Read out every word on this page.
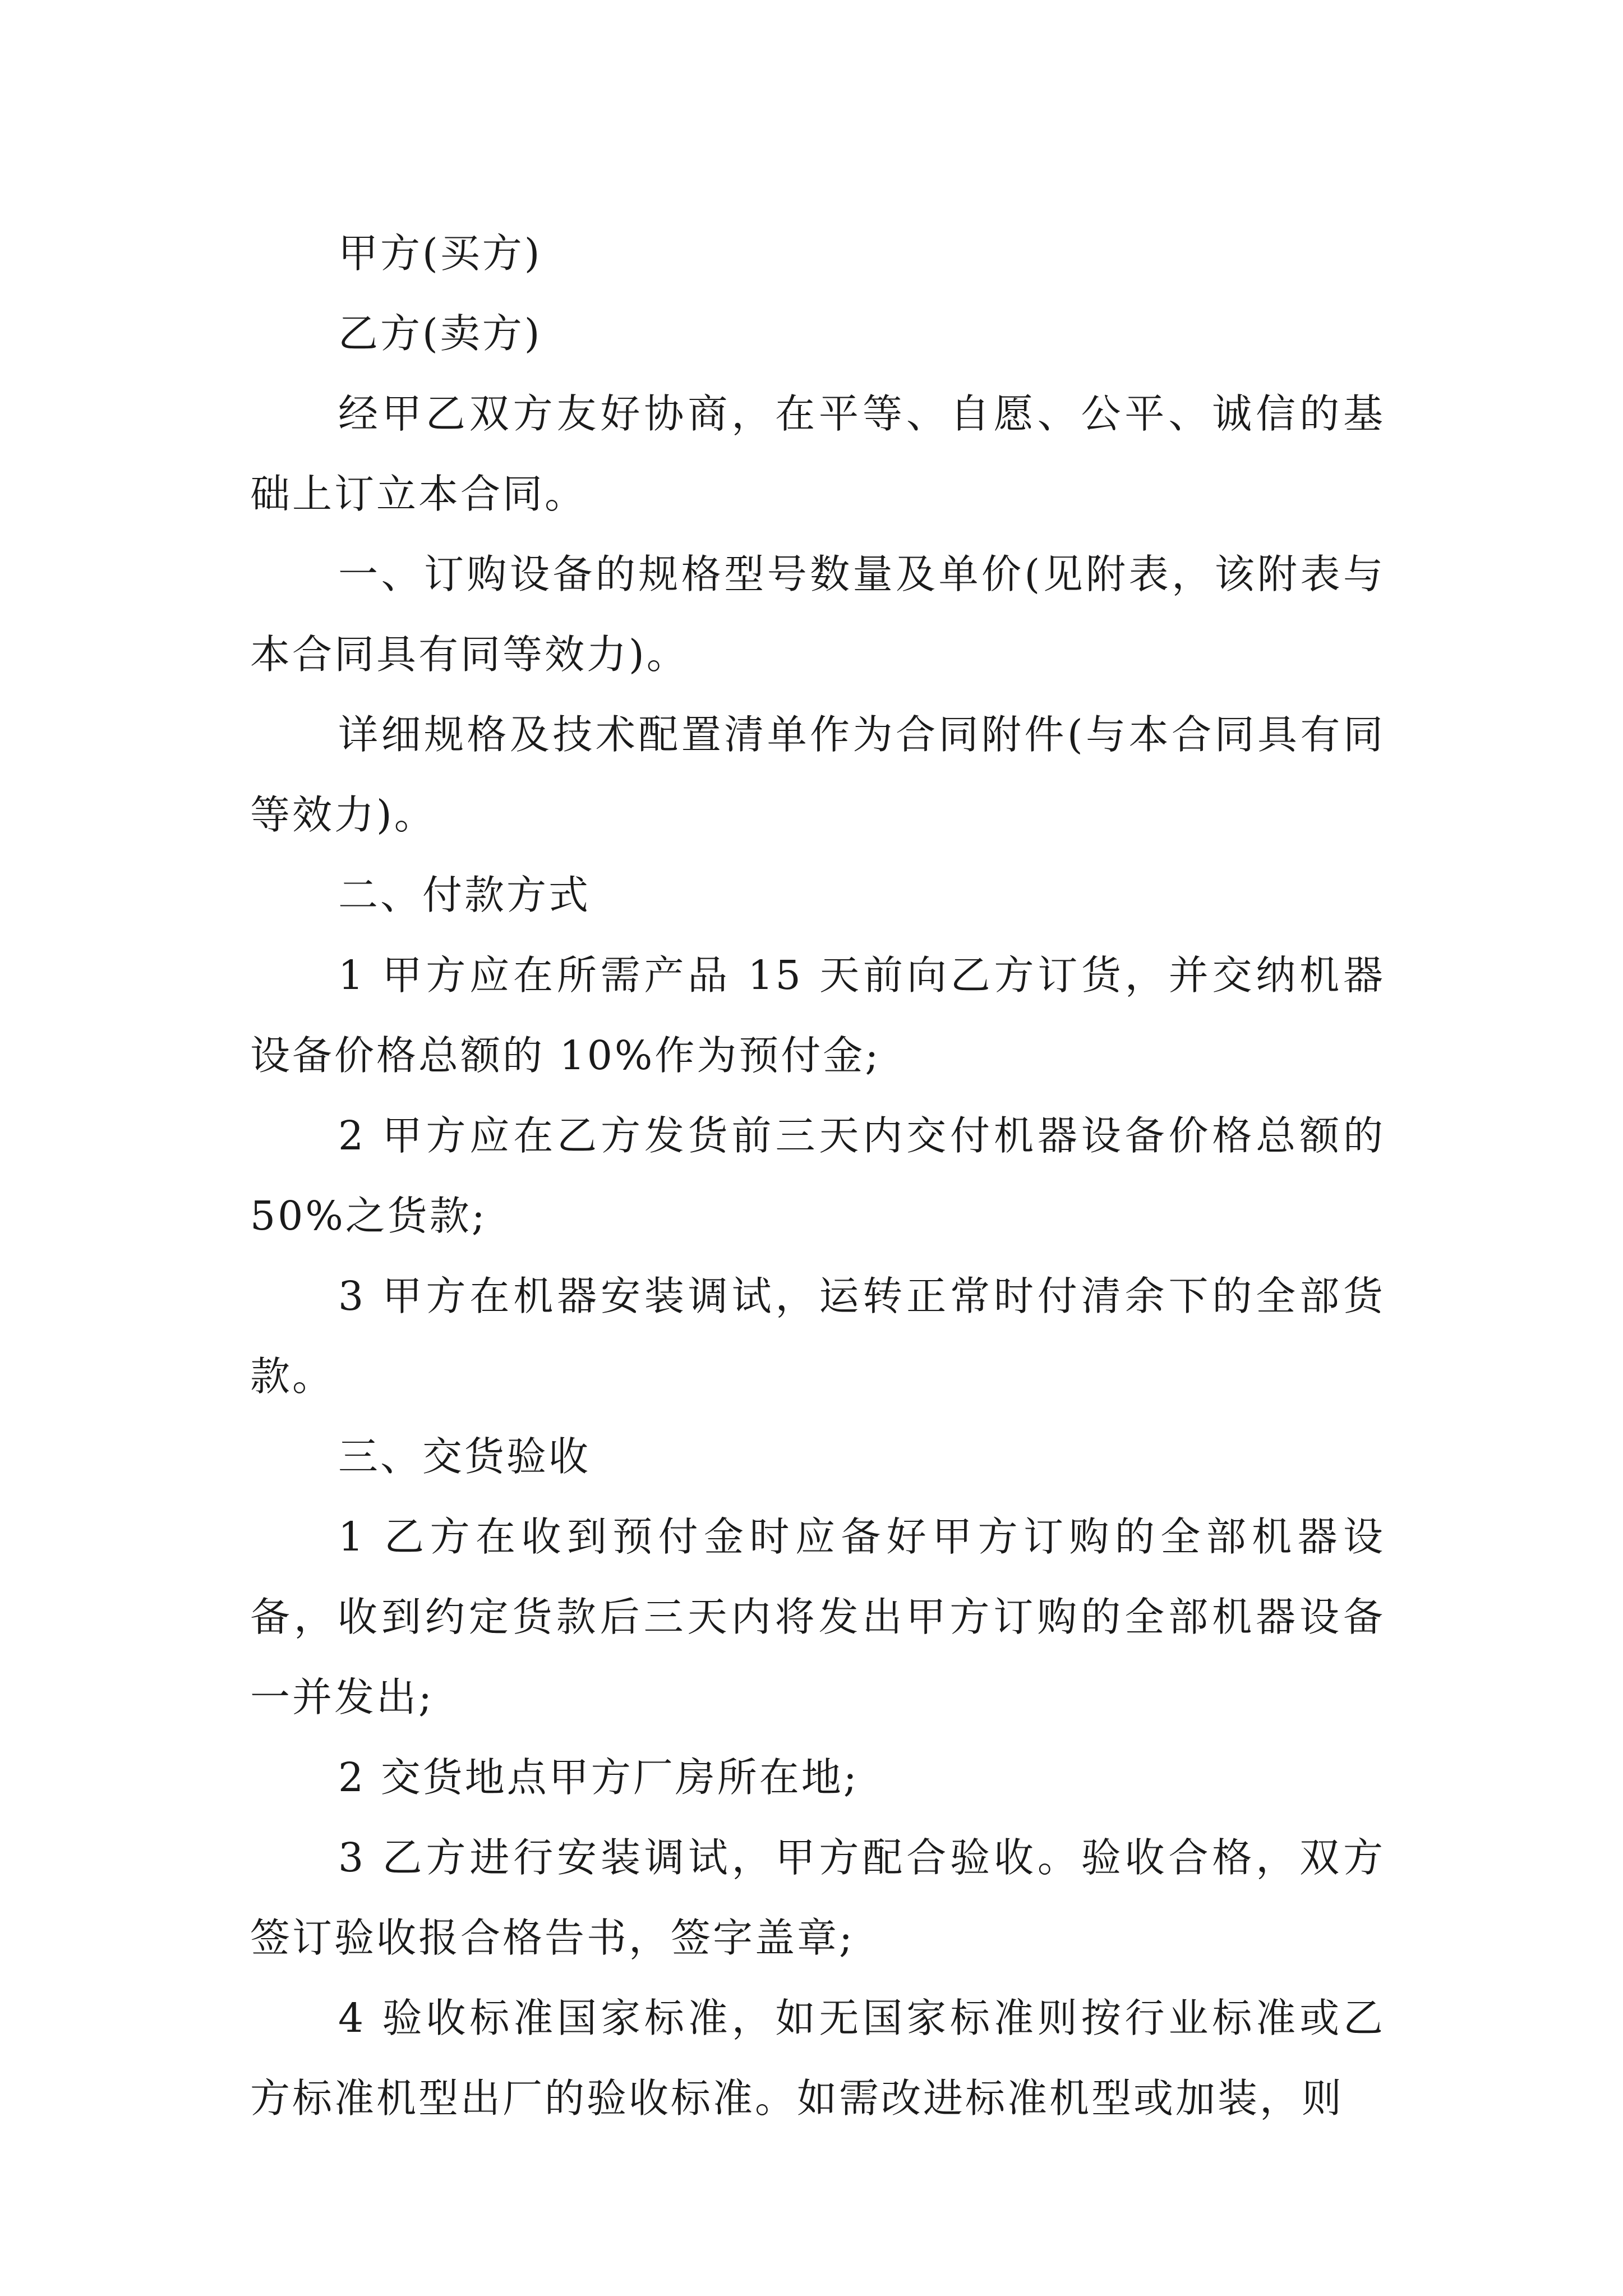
甲方(买方)

乙方(卖方)

经甲乙双方友好协商，在平等、自愿、公平、诚信的基础上订立本合同。

一、订购设备的规格型号数量及单价(见附表，该附表与本合同具有同等效力)。

详细规格及技术配置清单作为合同附件(与本合同具有同等效力)。

二、付款方式

1 甲方应在所需产品 15 天前向乙方订货，并交纳机器设备价格总额的 10%作为预付金;

2 甲方应在乙方发货前三天内交付机器设备价格总额的 50%之货款;

3 甲方在机器安装调试，运转正常时付清余下的全部货款。

三、交货验收

1 乙方在收到预付金时应备好甲方订购的全部机器设备，收到约定货款后三天内将发出甲方订购的全部机器设备一并发出;

2 交货地点甲方厂房所在地;

3 乙方进行安装调试，甲方配合验收。验收合格，双方签订验收报合格告书，签字盖章;

4 验收标准国家标准，如无国家标准则按行业标准或乙方标准机型出厂的验收标准。如需改进标准机型或加装，则
